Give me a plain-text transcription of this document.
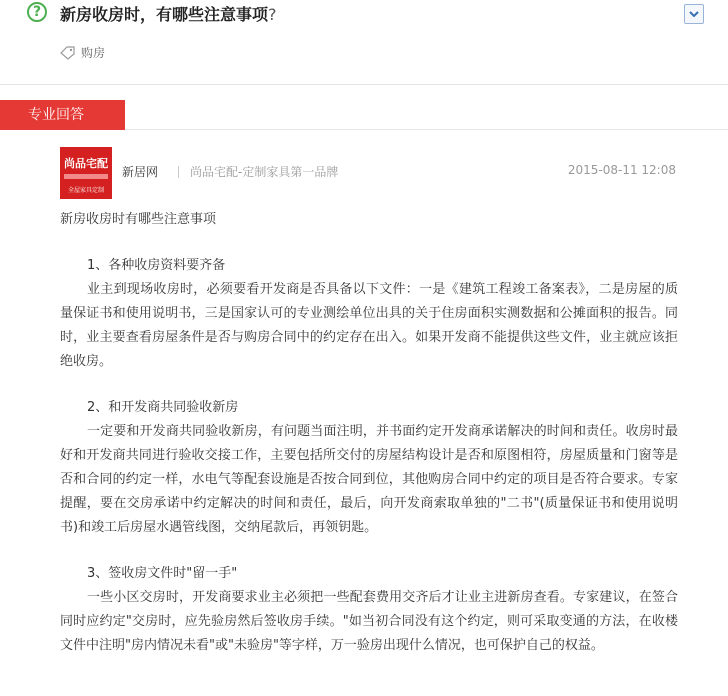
?	新房收房时，有哪些注意事项?
购房
专业回答
尚品宅配
全屋家具定制
新居网	尚品宅配-定制家具第一品牌	2015-08-11 12:08

新房收房时有哪些注意事项

1、各种收房资料要齐备

业主到现场收房时，必须要看开发商是否具备以下文件：一是《建筑工程竣工备案表》，二是房屋的质量保证书和使用说明书，三是国家认可的专业测绘单位出具的关于住房面积实测数据和公摊面积的报告。同时，业主要查看房屋条件是否与购房合同中的约定存在出入。如果开发商不能提供这些文件，业主就应该拒绝收房。

2、和开发商共同验收新房

一定要和开发商共同验收新房，有问题当面注明，并书面约定开发商承诺解决的时间和责任。收房时最好和开发商共同进行验收交接工作，主要包括所交付的房屋结构设计是否和原图相符，房屋质量和门窗等是否和合同的约定一样，水电气等配套设施是否按合同到位，其他购房合同中约定的项目是否符合要求。专家提醒，要在交房承诺中约定解决的时间和责任，最后，向开发商索取单独的"二书"(质量保证书和使用说明书)和竣工后房屋水遇管线图，交纳尾款后，再领钥匙。

3、签收房文件时"留一手"

一些小区交房时，开发商要求业主必须把一些配套费用交齐后才让业主进新房查看。专家建议，在签合同时应约定"交房时，应先验房然后签收房手续。"如当初合同没有这个约定，则可采取变通的方法，在收楼文件中注明"房内情况未看"或"未验房"等字样，万一验房出现什么情况，也可保护自己的权益。
